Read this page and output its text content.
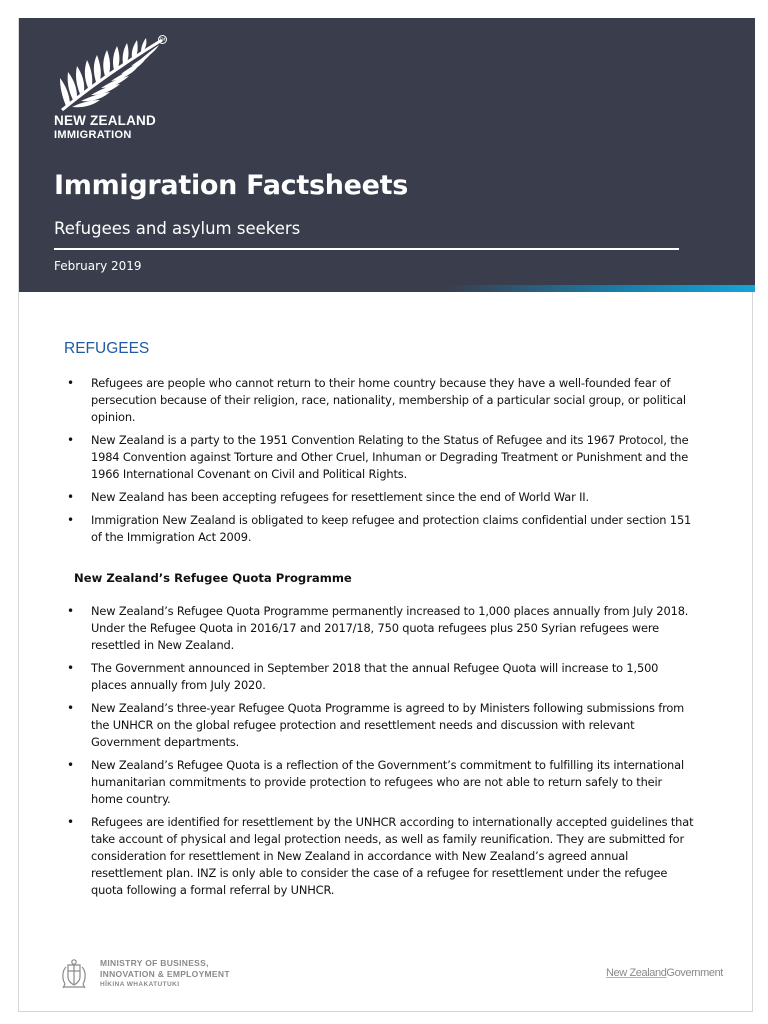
TM
NEW ZEALAND
IMMIGRATION
Immigration Factsheets
Refugees and asylum seekers
February 2019
REFUGEES
• Refugees are people who cannot return to their home country because they have a well-founded fear of persecution because of their religion, race, nationality, membership of a particular social group, or political opinion.
• New Zealand is a party to the 1951 Convention Relating to the Status of Refugee and its 1967 Protocol, the 1984 Convention against Torture and Other Cruel, Inhuman or Degrading Treatment or Punishment and the 1966 International Covenant on Civil and Political Rights.
• New Zealand has been accepting refugees for resettlement since the end of World War II.
• Immigration New Zealand is obligated to keep refugee and protection claims confidential under section 151 of the Immigration Act 2009.
New Zealand’s Refugee Quota Programme
• New Zealand’s Refugee Quota Programme permanently increased to 1,000 places annually from July 2018. Under the Refugee Quota in 2016/17 and 2017/18, 750 quota refugees plus 250 Syrian refugees were resettled in New Zealand.
• The Government announced in September 2018 that the annual Refugee Quota will increase to 1,500 places annually from July 2020.
• New Zealand’s three-year Refugee Quota Programme is agreed to by Ministers following submissions from the UNHCR on the global refugee protection and resettlement needs and discussion with relevant Government departments.
• New Zealand’s Refugee Quota is a reflection of the Government’s commitment to fulfilling its international humanitarian commitments to provide protection to refugees who are not able to return safely to their home country.
• Refugees are identified for resettlement by the UNHCR according to internationally accepted guidelines that take account of physical and legal protection needs, as well as family reunification. They are submitted for consideration for resettlement in New Zealand in accordance with New Zealand’s agreed annual resettlement plan. INZ is only able to consider the case of a refugee for resettlement under the refugee quota following a formal referral by UNHCR.
MINISTRY OF BUSINESS,
INNOVATION & EMPLOYMENT
HĪKINA WHAKATUTUKI
New ZealandGovernment
